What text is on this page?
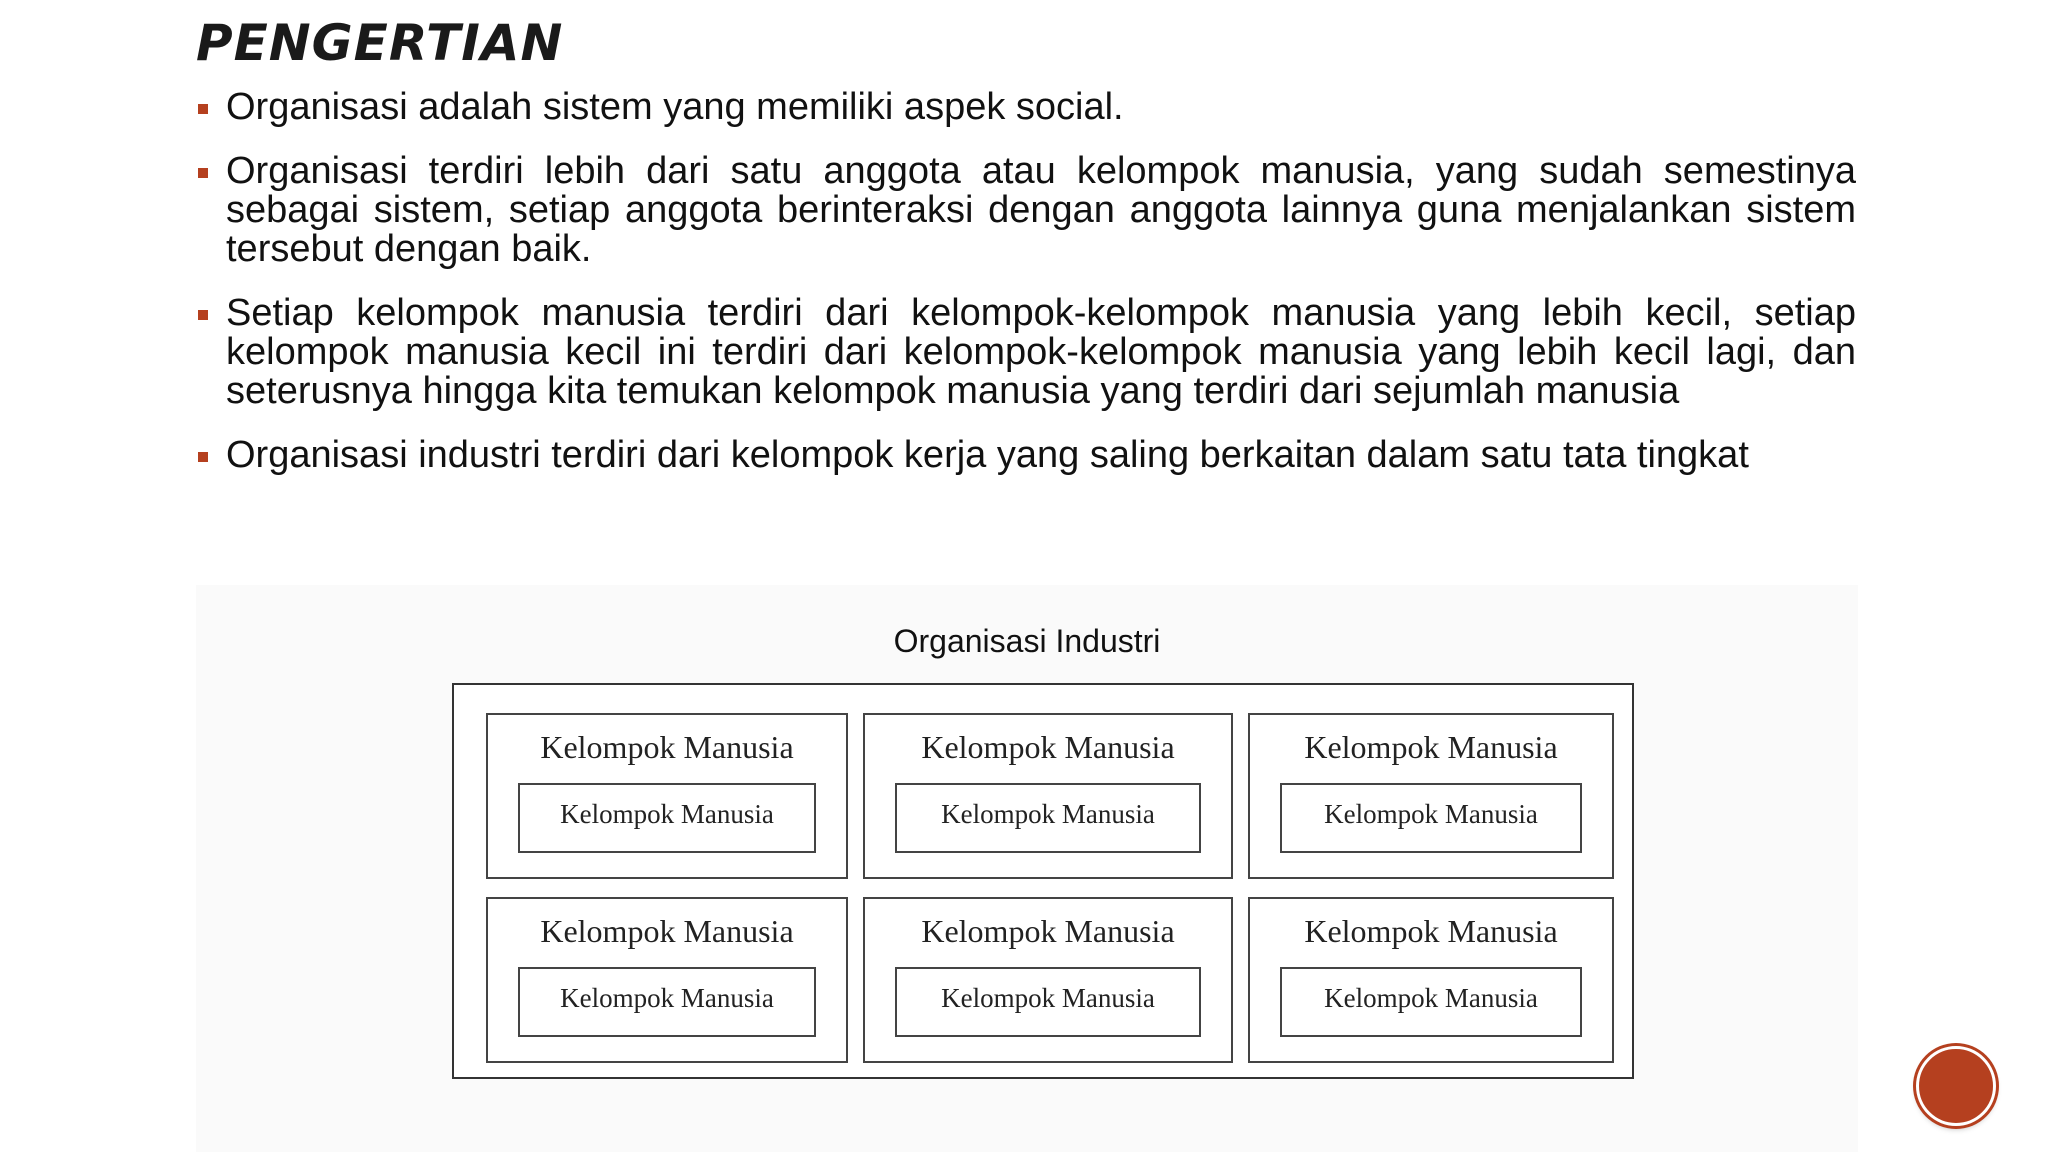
PENGERTIAN
Organisasi adalah sistem yang memiliki aspek social.
Organisasi terdiri lebih dari satu anggota atau kelompok manusia, yang sudah semestinya sebagai sistem, setiap anggota berinteraksi dengan anggota lainnya guna menjalankan sistem tersebut dengan baik.
Setiap kelompok manusia terdiri dari kelompok-kelompok manusia yang lebih kecil, setiap kelompok manusia kecil ini terdiri dari kelompok-kelompok manusia yang lebih kecil lagi, dan seterusnya hingga kita temukan kelompok manusia yang terdiri dari sejumlah manusia
Organisasi industri terdiri dari kelompok kerja yang saling berkaitan dalam satu tata tingkat
Organisasi Industri
Kelompok Manusia
Kelompok Manusia
Kelompok Manusia
Kelompok Manusia
Kelompok Manusia
Kelompok Manusia
Kelompok Manusia
Kelompok Manusia
Kelompok Manusia
Kelompok Manusia
Kelompok Manusia
Kelompok Manusia
